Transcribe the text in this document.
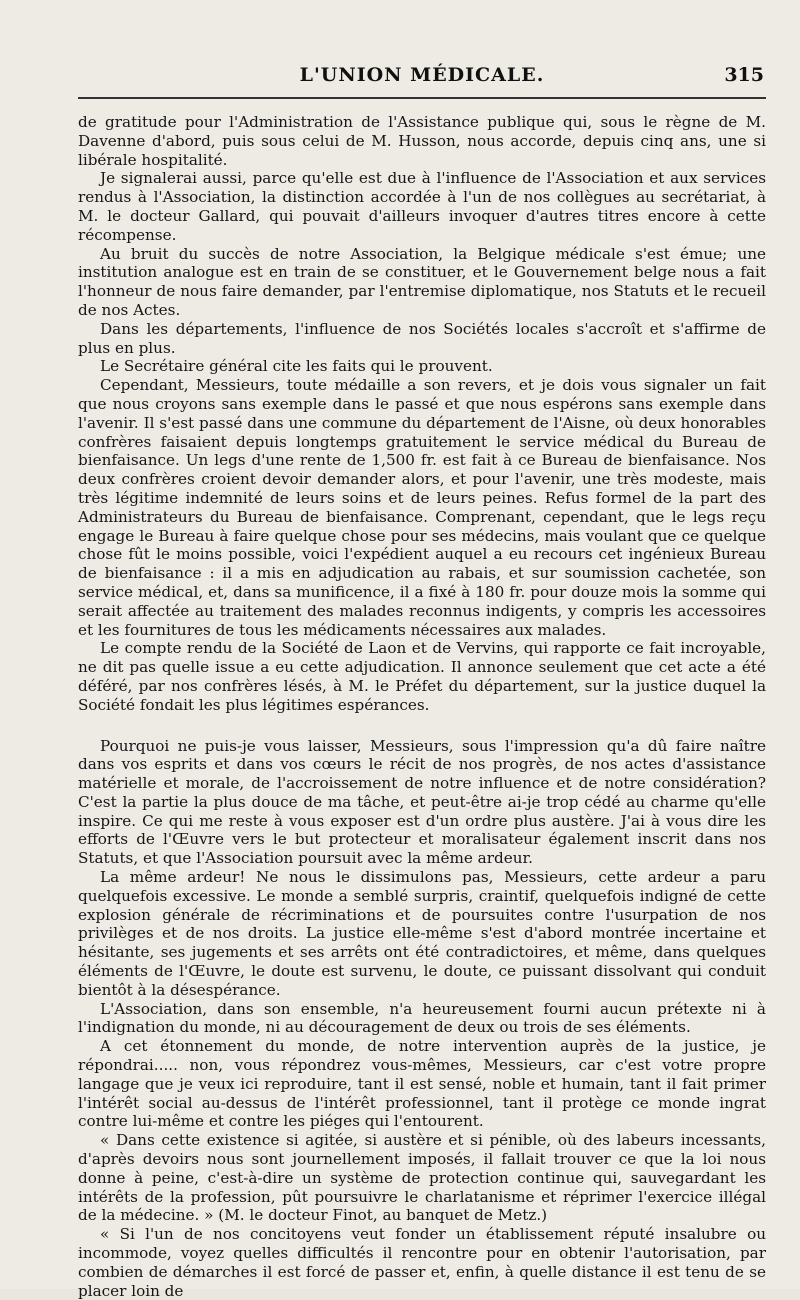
L'UNION MÉDICALE.	315

de gratitude pour l'Administration de l'Assistance publique qui, sous le règne de M. Davenne d'abord, puis sous celui de M. Husson, nous accorde, depuis cinq ans, une si libérale hospitalité.

Je signalerai aussi, parce qu'elle est due à l'influence de l'Association et aux services rendus à l'Association, la distinction accordée à l'un de nos collègues au secrétariat, à M. le docteur Gallard, qui pouvait d'ailleurs invoquer d'autres titres encore à cette récompense.

Au bruit du succès de notre Association, la Belgique médicale s'est émue; une institution analogue est en train de se constituer, et le Gouvernement belge nous a fait l'honneur de nous faire demander, par l'entremise diplomatique, nos Statuts et le recueil de nos Actes.

Dans les départements, l'influence de nos Sociétés locales s'accroît et s'affirme de plus en plus.

Le Secrétaire général cite les faits qui le prouvent.

Cependant, Messieurs, toute médaille a son revers, et je dois vous signaler un fait que nous croyons sans exemple dans le passé et que nous espérons sans exemple dans l'avenir. Il s'est passé dans une commune du département de l'Aisne, où deux honorables confrères faisaient depuis longtemps gratuitement le service médical du Bureau de bienfaisance. Un legs d'une rente de 1,500 fr. est fait à ce Bureau de bienfaisance. Nos deux confrères croient devoir demander alors, et pour l'avenir, une très modeste, mais très légitime indemnité de leurs soins et de leurs peines. Refus formel de la part des Administrateurs du Bureau de bienfaisance. Comprenant, cependant, que le legs reçu engage le Bureau à faire quelque chose pour ses médecins, mais voulant que ce quelque chose fût le moins possible, voici l'expédient auquel a eu recours cet ingénieux Bureau de bienfaisance : il a mis en adjudication au rabais, et sur soumission cachetée, son service médical, et, dans sa munificence, il a fixé à 180 fr. pour douze mois la somme qui serait affectée au traitement des malades reconnus indigents, y compris les accessoires et les fournitures de tous les médicaments nécessaires aux malades.

Le compte rendu de la Société de Laon et de Vervins, qui rapporte ce fait incroyable, ne dit pas quelle issue a eu cette adjudication. Il annonce seulement que cet acte a été déféré, par nos confrères lésés, à M. le Préfet du département, sur la justice duquel la Société fondait les plus légitimes espérances.

Pourquoi ne puis-je vous laisser, Messieurs, sous l'impression qu'a dû faire naître dans vos esprits et dans vos cœurs le récit de nos progrès, de nos actes d'assistance matérielle et morale, de l'accroissement de notre influence et de notre considération? C'est la partie la plus douce de ma tâche, et peut-être ai-je trop cédé au charme qu'elle inspire. Ce qui me reste à vous exposer est d'un ordre plus austère. J'ai à vous dire les efforts de l'Œuvre vers le but protecteur et moralisateur également inscrit dans nos Statuts, et que l'Association poursuit avec la même ardeur.

La même ardeur! Ne nous le dissimulons pas, Messieurs, cette ardeur a paru quelquefois excessive. Le monde a semblé surpris, craintif, quelquefois indigné de cette explosion générale de récriminations et de poursuites contre l'usurpation de nos privilèges et de nos droits. La justice elle-même s'est d'abord montrée incertaine et hésitante, ses jugements et ses arrêts ont été contradictoires, et même, dans quelques éléments de l'Œuvre, le doute est survenu, le doute, ce puissant dissolvant qui conduit bientôt à la désespérance.

L'Association, dans son ensemble, n'a heureusement fourni aucun prétexte ni à l'indignation du monde, ni au découragement de deux ou trois de ses éléments.

A cet étonnement du monde, de notre intervention auprès de la justice, je répondrai..... non, vous répondrez vous-mêmes, Messieurs, car c'est votre propre langage que je veux ici reproduire, tant il est sensé, noble et humain, tant il fait primer l'intérêt social au-dessus de l'intérêt professionnel, tant il protège ce monde ingrat contre lui-même et contre les piéges qui l'entourent.

« Dans cette existence si agitée, si austère et si pénible, où des labeurs incessants, d'après devoirs nous sont journellement imposés, il fallait trouver ce que la loi nous donne à peine, c'est-à-dire un système de protection continue qui, sauvegardant les intérêts de la profession, pût poursuivre le charlatanisme et réprimer l'exercice illégal de la médecine. » (M. le docteur Finot, au banquet de Metz.)

« Si l'un de nos concitoyens veut fonder un établissement réputé insalubre ou incommode, voyez quelles difficultés il rencontre pour en obtenir l'autorisation, par combien de démarches il est forcé de passer et, enfin, à quelle distance il est tenu de se placer loin de
